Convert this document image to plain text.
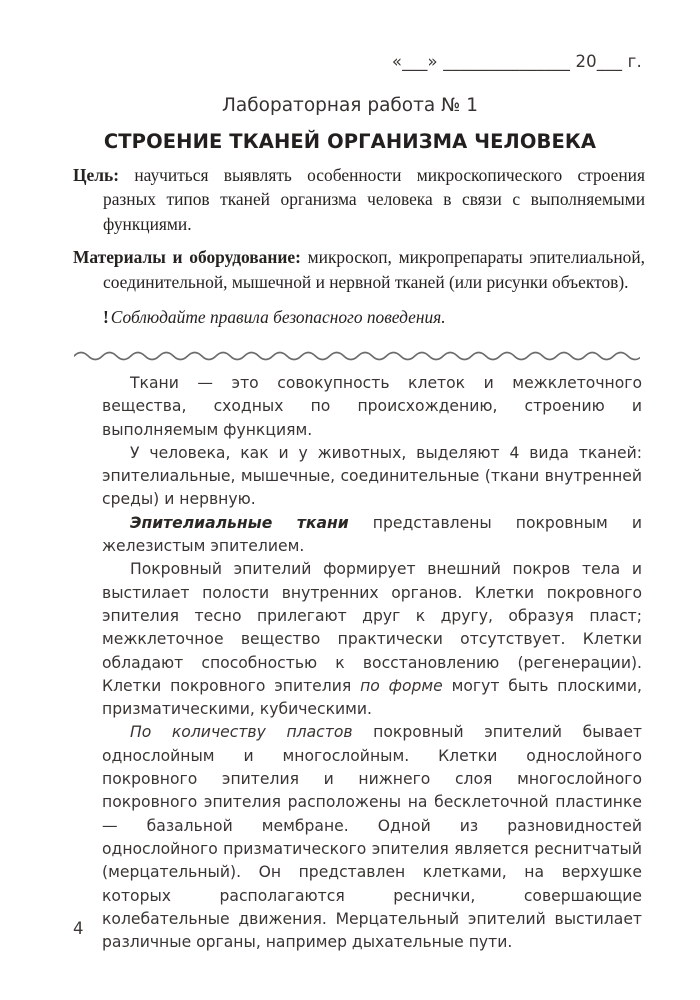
«___» _______________ 20___ г.
Лабораторная работа № 1
СТРОЕНИЕ ТКАНЕЙ ОРГАНИЗМА ЧЕЛОВЕКА

Цель: научиться выявлять особенности микроскопического строения разных типов тканей организма человека в связи с выполняемыми функциями.

Материалы и оборудование: микроскоп, микропрепараты эпителиальной, соединительной, мышечной и нервной тканей (или рисунки объектов).

! Соблюдайте правила безопасного поведения.

Ткани — это совокупность клеток и межклеточного вещества, сходных по происхождению, строению и выполняемым функциям.

У человека, как и у животных, выделяют 4 вида тканей: эпителиальные, мышечные, соединительные (ткани внутренней среды) и нервную.

Эпителиальные ткани представлены покровным и железистым эпителием.

Покровный эпителий формирует внешний покров тела и выстилает полости внутренних органов. Клетки покровного эпителия тесно прилегают друг к другу, образуя пласт; межклеточное вещество практически отсутствует. Клетки обладают способностью к восстановлению (регенерации). Клетки покровного эпителия по форме могут быть плоскими, призматическими, кубическими.

По количеству пластов покровный эпителий бывает однослойным и многослойным. Клетки однослойного покровного эпителия и нижнего слоя многослойного покровного эпителия расположены на бесклеточной пластинке — базальной мембране. Одной из разновидностей однослойного призматического эпителия является реснитчатый (мерцательный). Он представлен клетками, на верхушке которых располагаются реснички, совершающие колебательные движения. Мерцательный эпителий выстилает различные органы, например дыхательные пути.

4
